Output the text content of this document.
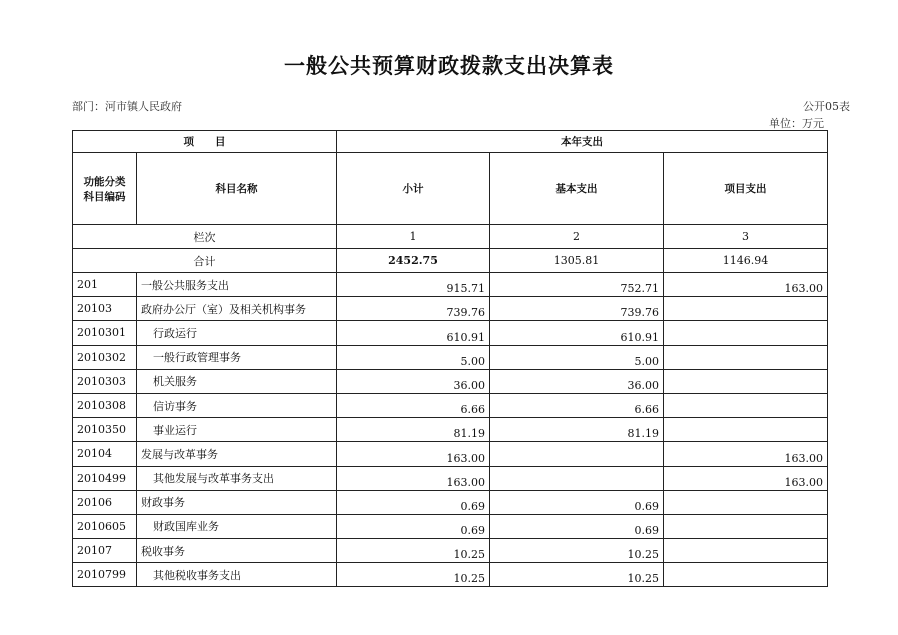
一般公共预算财政拨款支出决算表
部门：河市镇人民政府	公开05表
单位：万元
项　　目		本年支出		

功能分类
科目编码	科目名称	小计	基本支出	项目支出
栏次		1	2	3
合计		2452.75	1305.81	1146.94
201	一般公共服务支出	915.71	752.71	163.00
20103	政府办公厅（室）及相关机构事务	739.76	739.76	
2010301	行政运行	610.91	610.91	
2010302	一般行政管理事务	5.00	5.00	
2010303	机关服务	36.00	36.00	
2010308	信访事务	6.66	6.66	
2010350	事业运行	81.19	81.19	
20104	发展与改革事务	163.00		163.00
2010499	其他发展与改革事务支出	163.00		163.00
20106	财政事务	0.69	0.69	
2010605	财政国库业务	0.69	0.69	
20107	税收事务	10.25	10.25	
2010799	其他税收事务支出	10.25	10.25	
